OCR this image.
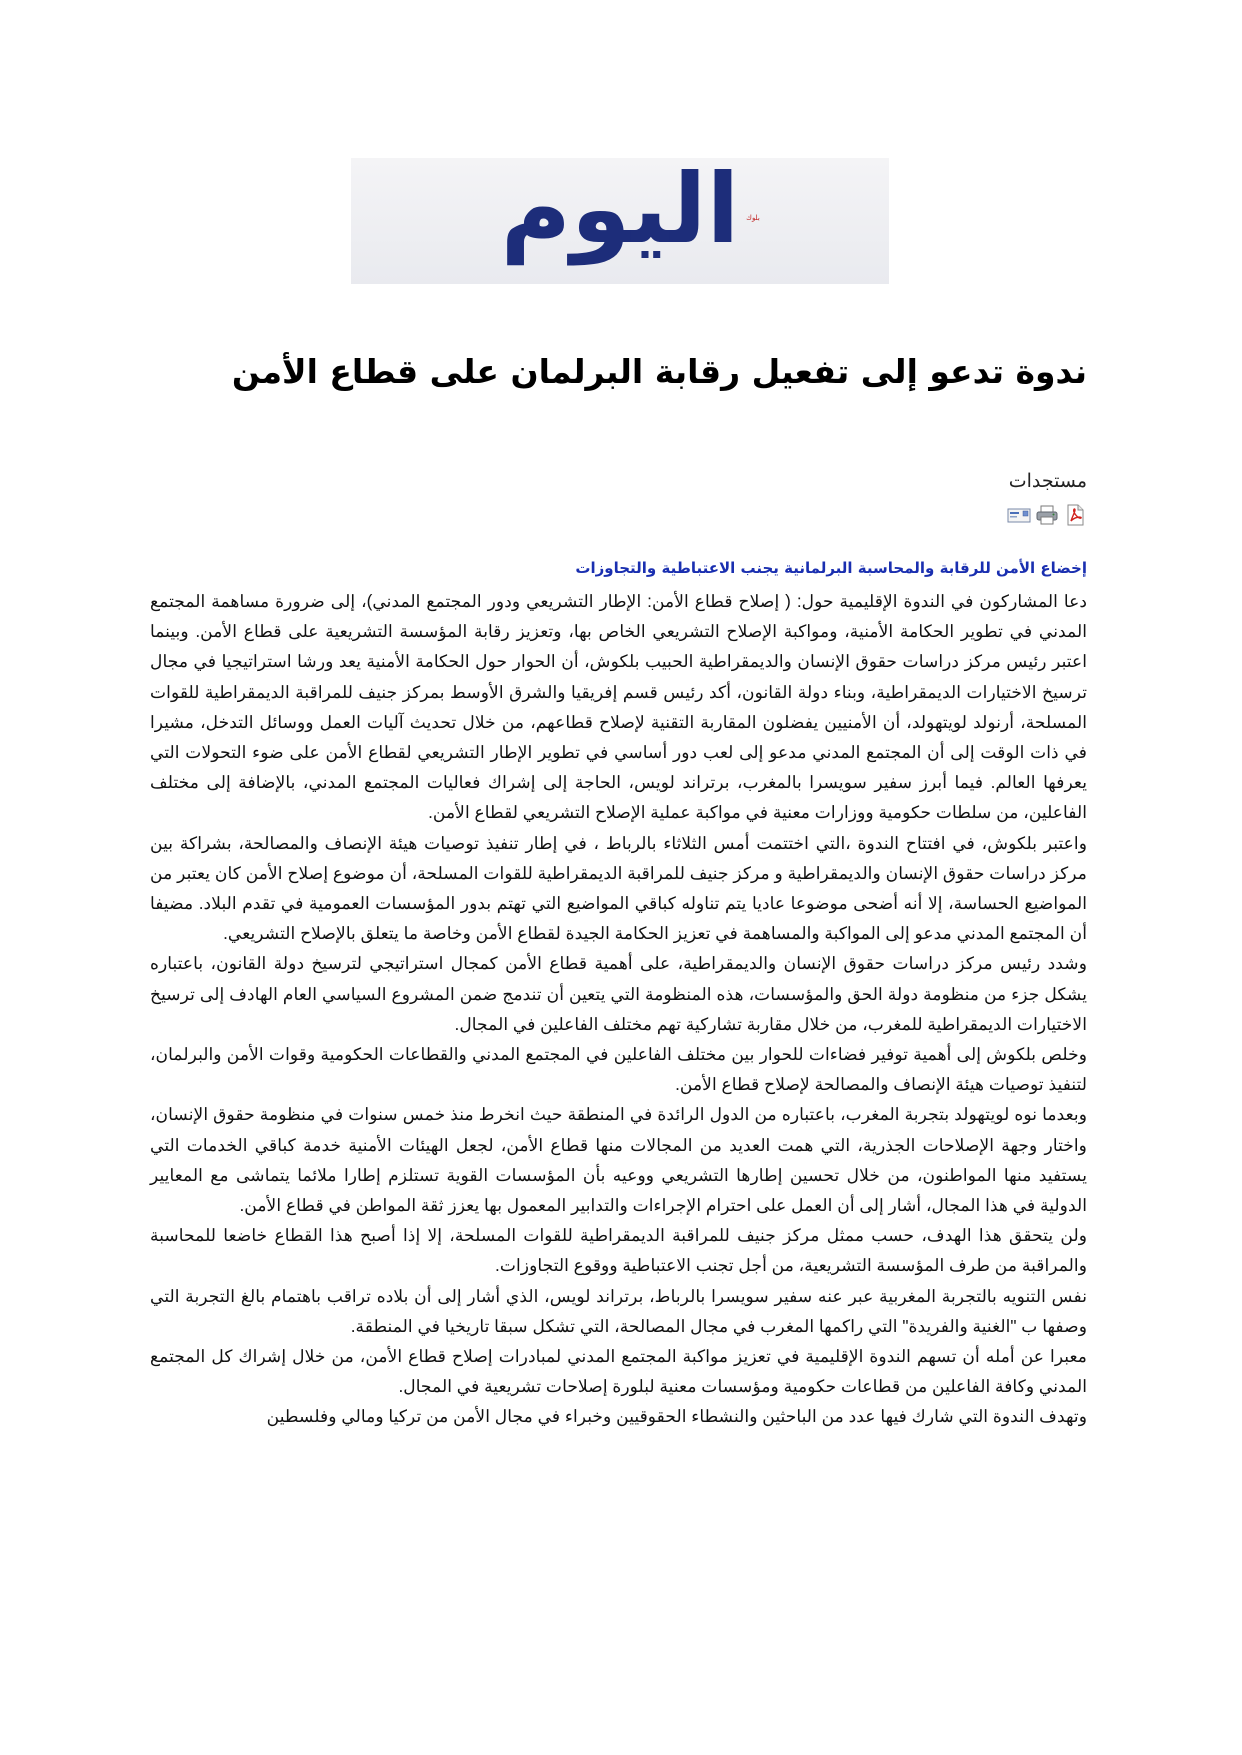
اليوم بلوك
ندوة تدعو إلى تفعيل رقابة البرلمان على قطاع الأمن
مستجدات
إخضاع الأمن للرقابة والمحاسبة البرلمانية يجنب الاعتباطية والتجاوزات

دعا المشاركون في الندوة الإقليمية حول: ( إصلاح قطاع الأمن: الإطار التشريعي ودور المجتمع المدني)، إلى ضرورة مساهمة المجتمع المدني في تطوير الحكامة الأمنية، ومواكبة الإصلاح التشريعي الخاص بها، وتعزيز رقابة المؤسسة التشريعية على قطاع الأمن. وبينما اعتبر رئيس مركز دراسات حقوق الإنسان والديمقراطية الحبيب بلكوش، أن الحوار حول الحكامة الأمنية يعد ورشا استراتيجيا في مجال ترسيخ الاختيارات الديمقراطية، وبناء دولة القانون، أكد رئيس قسم إفريقيا والشرق الأوسط بمركز جنيف للمراقبة الديمقراطية للقوات المسلحة، أرنولد لويتهولد، أن الأمنيين يفضلون المقاربة التقنية لإصلاح قطاعهم، من خلال تحديث آليات العمل ووسائل التدخل، مشيرا في ذات الوقت إلى أن المجتمع المدني مدعو إلى لعب دور أساسي في تطوير الإطار التشريعي لقطاع الأمن على ضوء التحولات التي يعرفها العالم. فيما أبرز سفير سويسرا بالمغرب، برتراند لويس، الحاجة إلى إشراك فعاليات المجتمع المدني، بالإضافة إلى مختلف الفاعلين، من سلطات حكومية ووزارات معنية في مواكبة عملية الإصلاح التشريعي لقطاع الأمن.

واعتبر بلكوش، في افتتاح الندوة ،التي اختتمت أمس الثلاثاء بالرباط ، في إطار تنفيذ توصيات هيئة الإنصاف والمصالحة، بشراكة بين مركز دراسات حقوق الإنسان والديمقراطية و مركز جنيف للمراقبة الديمقراطية للقوات المسلحة، أن موضوع إصلاح الأمن كان يعتبر من المواضيع الحساسة، إلا أنه أضحى موضوعا عاديا يتم تناوله كباقي المواضيع التي تهتم بدور المؤسسات العمومية في تقدم البلاد. مضيفا أن المجتمع المدني مدعو إلى المواكبة والمساهمة في تعزيز الحكامة الجيدة لقطاع الأمن وخاصة ما يتعلق بالإصلاح التشريعي.

وشدد رئيس مركز دراسات حقوق الإنسان والديمقراطية، على أهمية قطاع الأمن كمجال استراتيجي لترسيخ دولة القانون، باعتباره يشكل جزء من منظومة دولة الحق والمؤسسات، هذه المنظومة التي يتعين أن تندمج ضمن المشروع السياسي العام الهادف إلى ترسيخ الاختيارات الديمقراطية للمغرب، من خلال مقاربة تشاركية تهم مختلف الفاعلين في المجال.

وخلص بلكوش إلى أهمية توفير فضاءات للحوار بين مختلف الفاعلين في المجتمع المدني والقطاعات الحكومية وقوات الأمن والبرلمان، لتنفيذ توصيات هيئة الإنصاف والمصالحة لإصلاح قطاع الأمن.

وبعدما نوه لويتهولد بتجربة المغرب، باعتباره من الدول الرائدة في المنطقة حيث انخرط منذ خمس سنوات في منظومة حقوق الإنسان، واختار وجهة الإصلاحات الجذرية، التي همت العديد من المجالات منها قطاع الأمن، لجعل الهيئات الأمنية خدمة كباقي الخدمات التي يستفيد منها المواطنون، من خلال تحسين إطارها التشريعي ووعيه بأن المؤسسات القوية تستلزم إطارا ملائما يتماشى مع المعايير الدولية في هذا المجال، أشار إلى أن العمل على احترام الإجراءات والتدابير المعمول بها يعزز ثقة المواطن في قطاع الأمن.

ولن يتحقق هذا الهدف، حسب ممثل مركز جنيف للمراقبة الديمقراطية للقوات المسلحة، إلا إذا أصبح هذا القطاع خاضعا للمحاسبة والمراقبة من طرف المؤسسة التشريعية، من أجل تجنب الاعتباطية ووقوع التجاوزات.

نفس التنويه بالتجربة المغربية عبر عنه سفير سويسرا بالرباط، برتراند لويس، الذي أشار إلى أن بلاده تراقب باهتمام بالغ التجربة التي وصفها ب "الغنية والفريدة" التي راكمها المغرب في مجال المصالحة، التي تشكل سبقا تاريخيا في المنطقة.

معبرا عن أمله أن تسهم الندوة الإقليمية في تعزيز مواكبة المجتمع المدني لمبادرات إصلاح قطاع الأمن، من خلال إشراك كل المجتمع المدني وكافة الفاعلين من قطاعات حكومية ومؤسسات معنية لبلورة إصلاحات تشريعية في المجال.

وتهدف الندوة التي شارك فيها عدد من الباحثين والنشطاء الحقوقيين وخبراء في مجال الأمن من تركيا ومالي وفلسطين
